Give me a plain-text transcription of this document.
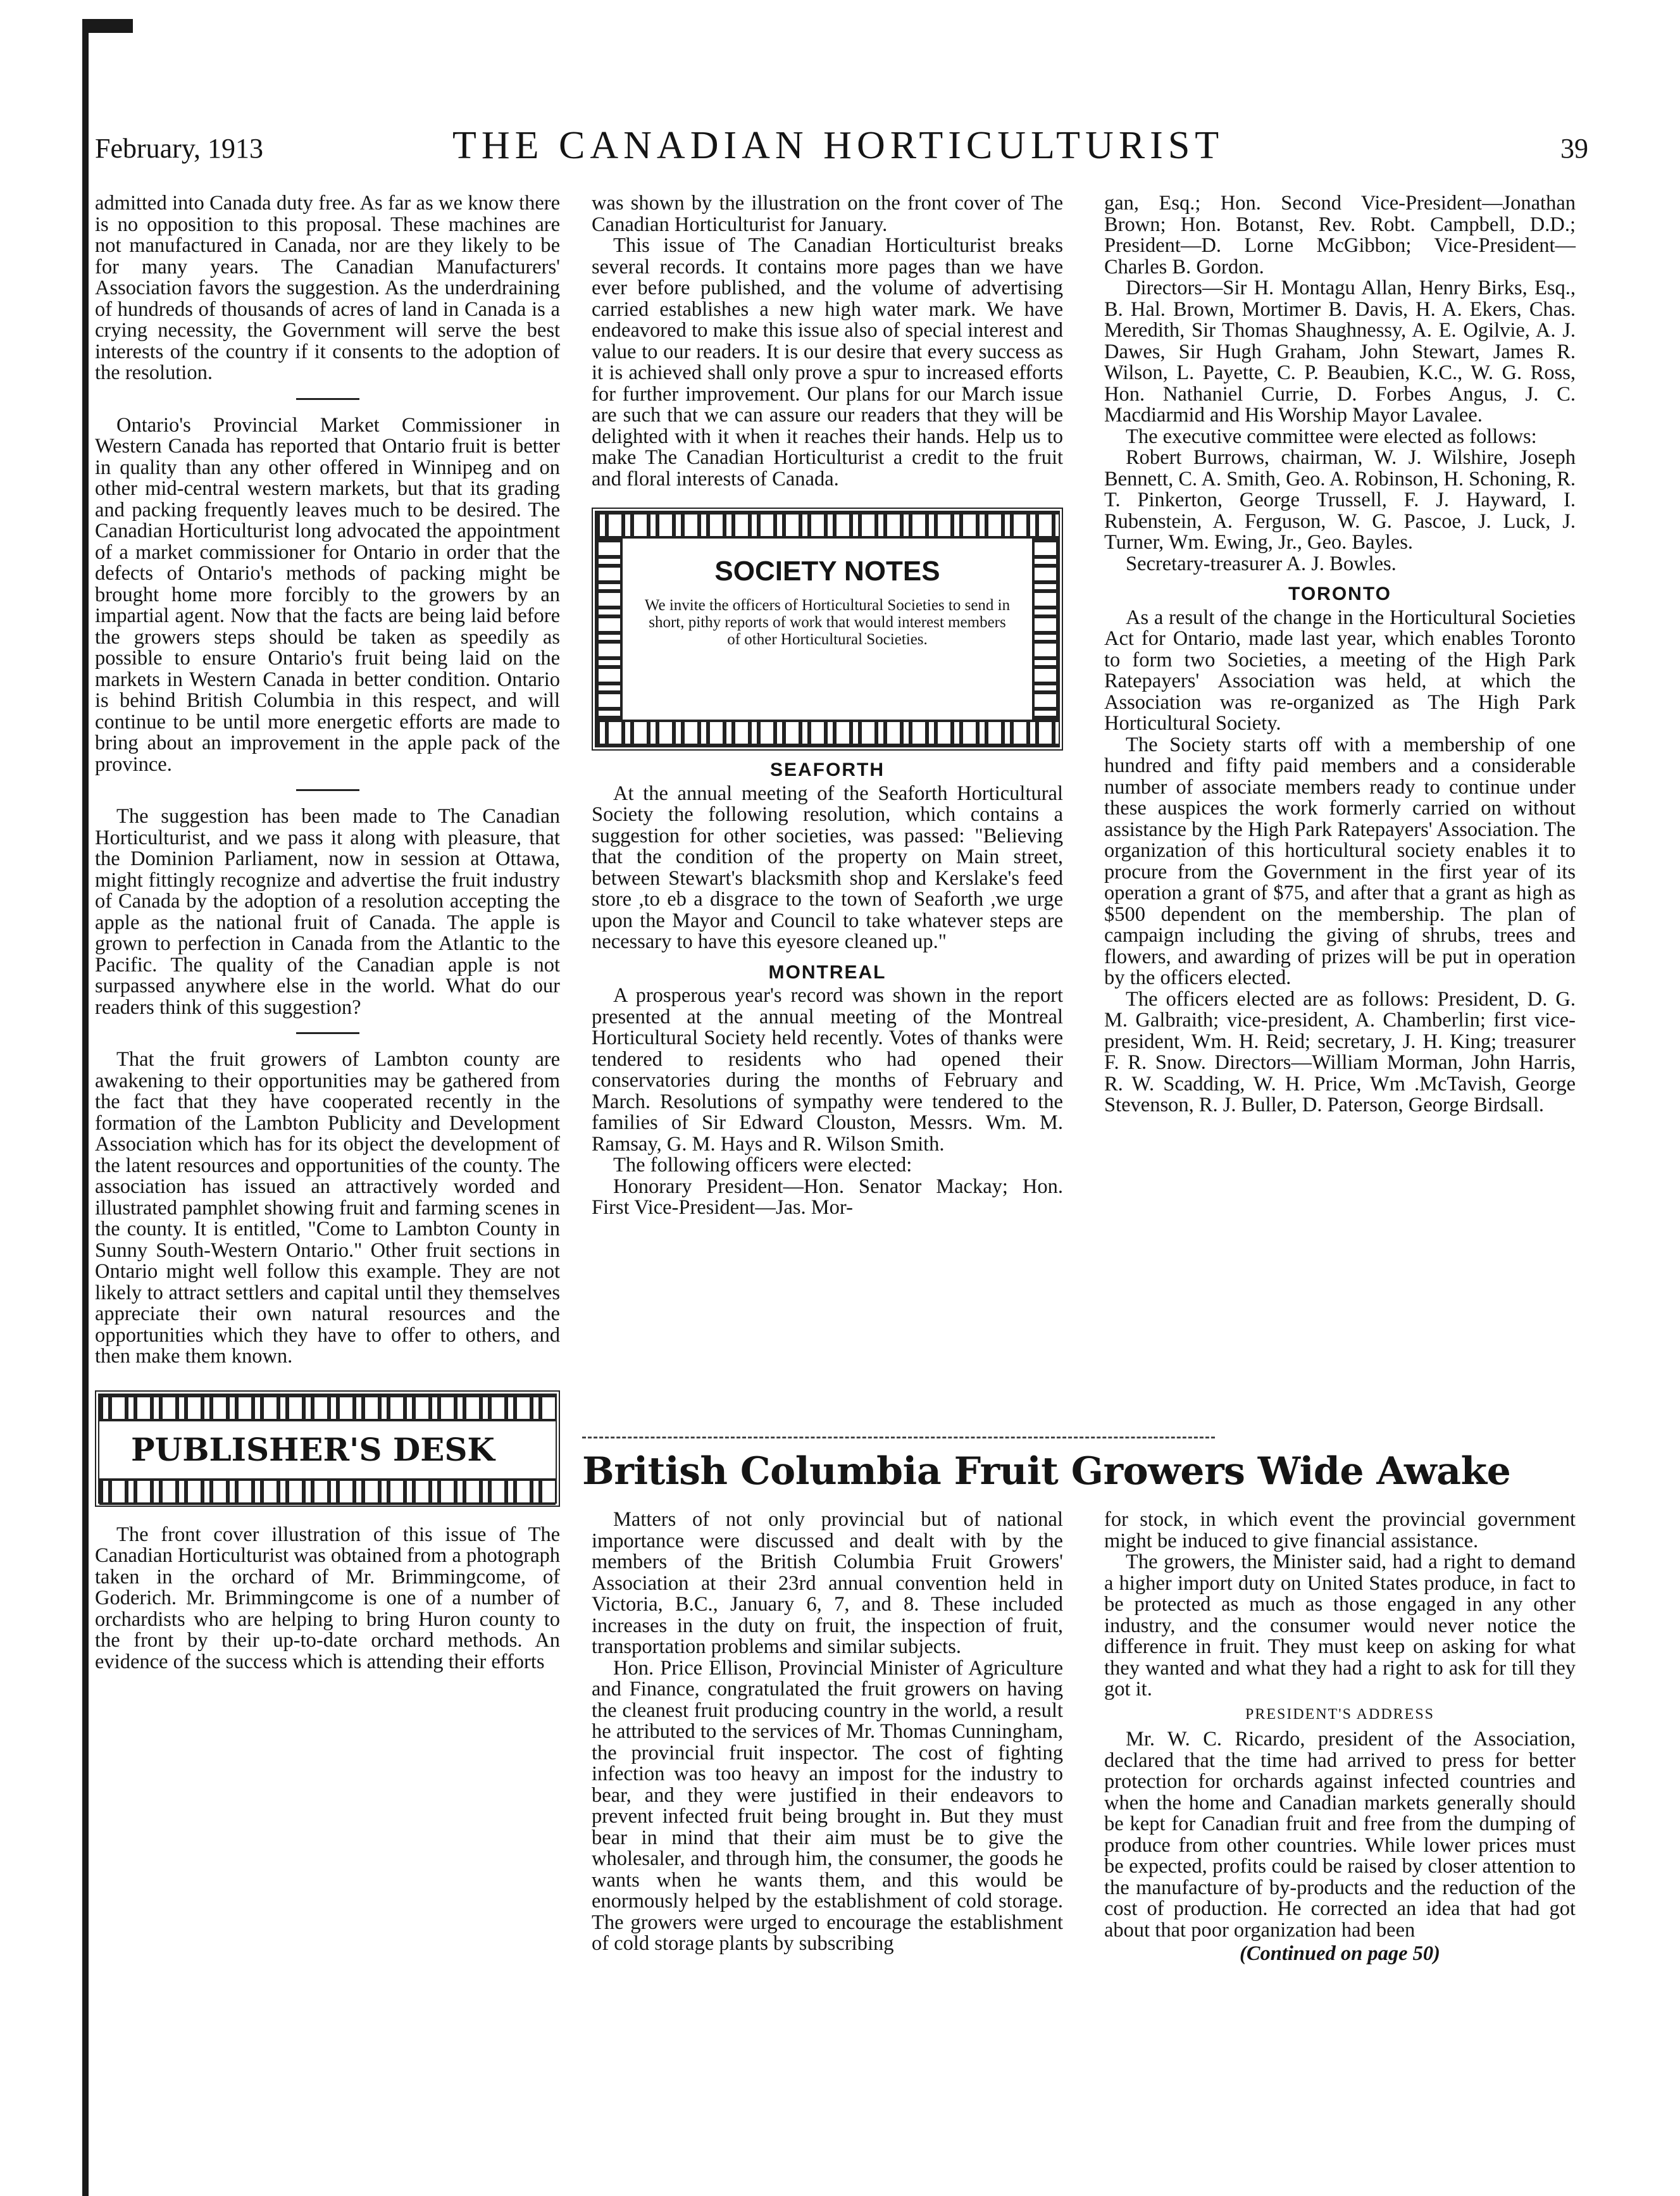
February, 1913	THE CANADIAN HORTICULTURIST	39

admitted into Canada duty free. As far as we know there is no opposition to this proposal. These machines are not manufactured in Canada, nor are they likely to be for many years. The Canadian Manufacturers' Association favors the suggestion. As the underdraining of hundreds of thousands of acres of land in Canada is a crying necessity, the Government will serve the best interests of the country if it consents to the adoption of the resolution.

Ontario's Provincial Market Commissioner in Western Canada has reported that Ontario fruit is better in quality than any other offered in Winnipeg and on other mid-central western markets, but that its grading and packing frequently leaves much to be desired. The Canadian Horticulturist long advocated the appointment of a market commissioner for Ontario in order that the defects of Ontario's methods of packing might be brought home more forcibly to the growers by an impartial agent. Now that the facts are being laid before the growers steps should be taken as speedily as possible to ensure Ontario's fruit being laid on the markets in Western Canada in better condition. Ontario is behind British Columbia in this respect, and will continue to be until more energetic efforts are made to bring about an improvement in the apple pack of the province.

The suggestion has been made to The Canadian Horticulturist, and we pass it along with pleasure, that the Dominion Parliament, now in session at Ottawa, might fittingly recognize and advertise the fruit industry of Canada by the adoption of a resolution accepting the apple as the national fruit of Canada. The apple is grown to perfection in Canada from the Atlantic to the Pacific. The quality of the Canadian apple is not surpassed anywhere else in the world. What do our readers think of this suggestion?

That the fruit growers of Lambton county are awakening to their opportunities may be gathered from the fact that they have cooperated recently in the formation of the Lambton Publicity and Development Association which has for its object the development of the latent resources and opportunities of the county. The association has issued an attractively worded and illustrated pamphlet showing fruit and farming scenes in the county. It is entitled, "Come to Lambton County in Sunny South-Western Ontario." Other fruit sections in Ontario might well follow this example. They are not likely to attract settlers and capital until they themselves appreciate their own natural resources and the opportunities which they have to offer to others, and then make them known.

PUBLISHER'S DESK

The front cover illustration of this issue of The Canadian Horticulturist was obtained from a photograph taken in the orchard of Mr. Brimmingcome, of Goderich. Mr. Brimmingcome is one of a number of orchardists who are helping to bring Huron county to the front by their up-to-date orchard methods. An evidence of the success which is attending their efforts

was shown by the illustration on the front cover of The Canadian Horticulturist for January.

This issue of The Canadian Horticulturist breaks several records. It contains more pages than we have ever before published, and the volume of advertising carried establishes a new high water mark. We have endeavored to make this issue also of special interest and value to our readers. It is our desire that every success as it is achieved shall only prove a spur to increased efforts for further improvement. Our plans for our March issue are such that we can assure our readers that they will be delighted with it when it reaches their hands. Help us to make The Canadian Horticulturist a credit to the fruit and floral interests of Canada.

SOCIETY NOTES
We invite the officers of Horticultural Societies to send in short, pithy reports of work that would interest members of other Horticultural Societies.
SEAFORTH

At the annual meeting of the Seaforth Horticultural Society the following resolution, which contains a suggestion for other societies, was passed: "Believing that the condition of the property on Main street, between Stewart's blacksmith shop and Kerslake's feed store ,to eb a disgrace to the town of Seaforth ,we urge upon the Mayor and Council to take whatever steps are necessary to have this eyesore cleaned up."

MONTREAL

A prosperous year's record was shown in the report presented at the annual meeting of the Montreal Horticultural Society held recently. Votes of thanks were tendered to residents who had opened their conservatories during the months of February and March. Resolutions of sympathy were tendered to the families of Sir Edward Clouston, Messrs. Wm. M. Ramsay, G. M. Hays and R. Wilson Smith.

The following officers were elected:

Honorary President—Hon. Senator Mackay; Hon. First Vice-President—Jas. Mor-

gan, Esq.; Hon. Second Vice-President—Jonathan Brown; Hon. Botanst, Rev. Robt. Campbell, D.D.; President—D. Lorne McGibbon; Vice-President—Charles B. Gordon.

Directors—Sir H. Montagu Allan, Henry Birks, Esq., B. Hal. Brown, Mortimer B. Davis, H. A. Ekers, Chas. Meredith, Sir Thomas Shaughnessy, A. E. Ogilvie, A. J. Dawes, Sir Hugh Graham, John Stewart, James R. Wilson, L. Payette, C. P. Beaubien, K.C., W. G. Ross, Hon. Nathaniel Currie, D. Forbes Angus, J. C. Macdiarmid and His Worship Mayor Lavalee.

The executive committee were elected as follows:

Robert Burrows, chairman, W. J. Wilshire, Joseph Bennett, C. A. Smith, Geo. A. Robinson, H. Schoning, R. T. Pinkerton, George Trussell, F. J. Hayward, I. Rubenstein, A. Ferguson, W. G. Pascoe, J. Luck, J. Turner, Wm. Ewing, Jr., Geo. Bayles.

Secretary-treasurer A. J. Bowles.

TORONTO

As a result of the change in the Horticultural Societies Act for Ontario, made last year, which enables Toronto to form two Societies, a meeting of the High Park Ratepayers' Association was held, at which the Association was re-organized as The High Park Horticultural Society.

The Society starts off with a membership of one hundred and fifty paid members and a considerable number of associate members ready to continue under these auspices the work formerly carried on without assistance by the High Park Ratepayers' Association. The organization of this horticultural society enables it to procure from the Government in the first year of its operation a grant of $75, and after that a grant as high as $500 dependent on the membership. The plan of campaign including the giving of shrubs, trees and flowers, and awarding of prizes will be put in operation by the officers elected.

The officers elected are as follows: President, D. G. M. Galbraith; vice-president, A. Chamberlin; first vice-president, Wm. H. Reid; secretary, J. H. King; treasurer F. R. Snow. Directors—William Morman, John Harris, R. W. Scadding, W. H. Price, Wm .McTavish, George Stevenson, R. J. Buller, D. Paterson, George Birdsall.

British Columbia Fruit Growers Wide Awake

Matters of not only provincial but of national importance were discussed and dealt with by the members of the British Columbia Fruit Growers' Association at their 23rd annual convention held in Victoria, B.C., January 6, 7, and 8. These included increases in the duty on fruit, the inspection of fruit, transportation problems and similar subjects.

Hon. Price Ellison, Provincial Minister of Agriculture and Finance, congratulated the fruit growers on having the cleanest fruit producing country in the world, a result he attributed to the services of Mr. Thomas Cunningham, the provincial fruit inspector. The cost of fighting infection was too heavy an impost for the industry to bear, and they were justified in their endeavors to prevent infected fruit being brought in. But they must bear in mind that their aim must be to give the wholesaler, and through him, the consumer, the goods he wants when he wants them, and this would be enormously helped by the establishment of cold storage. The growers were urged to encourage the establishment of cold storage plants by subscribing

for stock, in which event the provincial government might be induced to give financial assistance.

The growers, the Minister said, had a right to demand a higher import duty on United States produce, in fact to be protected as much as those engaged in any other industry, and the consumer would never notice the difference in fruit. They must keep on asking for what they wanted and what they had a right to ask for till they got it.

PRESIDENT'S ADDRESS

Mr. W. C. Ricardo, president of the Association, declared that the time had arrived to press for better protection for orchards against infected countries and when the home and Canadian markets generally should be kept for Canadian fruit and free from the dumping of produce from other countries. While lower prices must be expected, profits could be raised by closer attention to the manufacture of by-products and the reduction of the cost of production. He corrected an idea that had got about that poor organization had been

(Continued on page 50)
